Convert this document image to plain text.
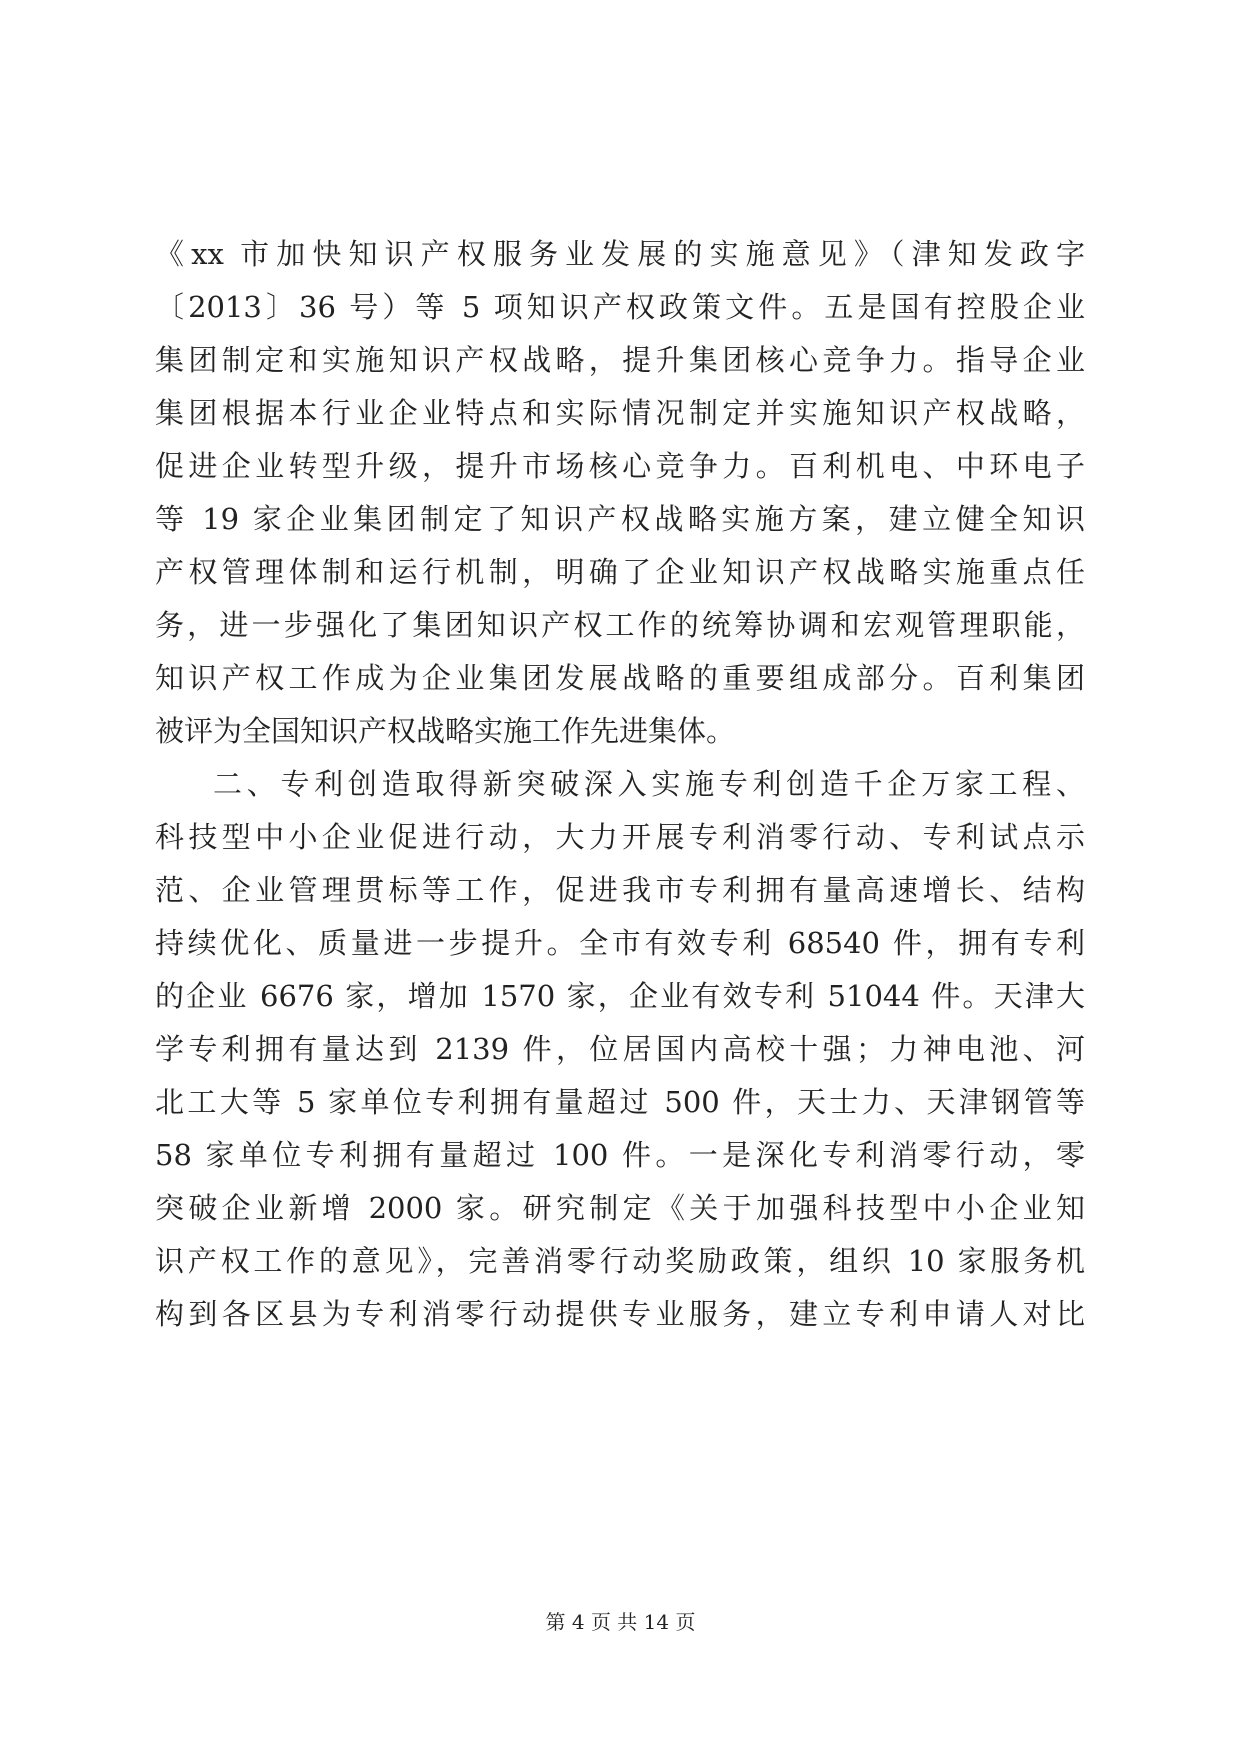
《xx 市加快知识产权服务业发展的实施意见》（津知发政字
〔2013〕36 号）等 5 项知识产权政策文件。五是国有控股企业
集团制定和实施知识产权战略，提升集团核心竞争力。指导企业
集团根据本行业企业特点和实际情况制定并实施知识产权战略，
促进企业转型升级，提升市场核心竞争力。百利机电、中环电子
等 19 家企业集团制定了知识产权战略实施方案，建立健全知识
产权管理体制和运行机制，明确了企业知识产权战略实施重点任
务，进一步强化了集团知识产权工作的统筹协调和宏观管理职能，
知识产权工作成为企业集团发展战略的重要组成部分。百利集团
被评为全国知识产权战略实施工作先进集体。
二、专利创造取得新突破深入实施专利创造千企万家工程、
科技型中小企业促进行动，大力开展专利消零行动、专利试点示
范、企业管理贯标等工作，促进我市专利拥有量高速增长、结构
持续优化、质量进一步提升。全市有效专利 68540 件，拥有专利
的企业 6676 家，增加 1570 家，企业有效专利 51044 件。天津大
学专利拥有量达到 2139 件，位居国内高校十强；力神电池、河
北工大等 5 家单位专利拥有量超过 500 件，天士力、天津钢管等
58 家单位专利拥有量超过 100 件。一是深化专利消零行动，零
突破企业新增 2000 家。研究制定《关于加强科技型中小企业知
识产权工作的意见》，完善消零行动奖励政策，组织 10 家服务机
构到各区县为专利消零行动提供专业服务，建立专利申请人对比
第 4 页 共 14 页
